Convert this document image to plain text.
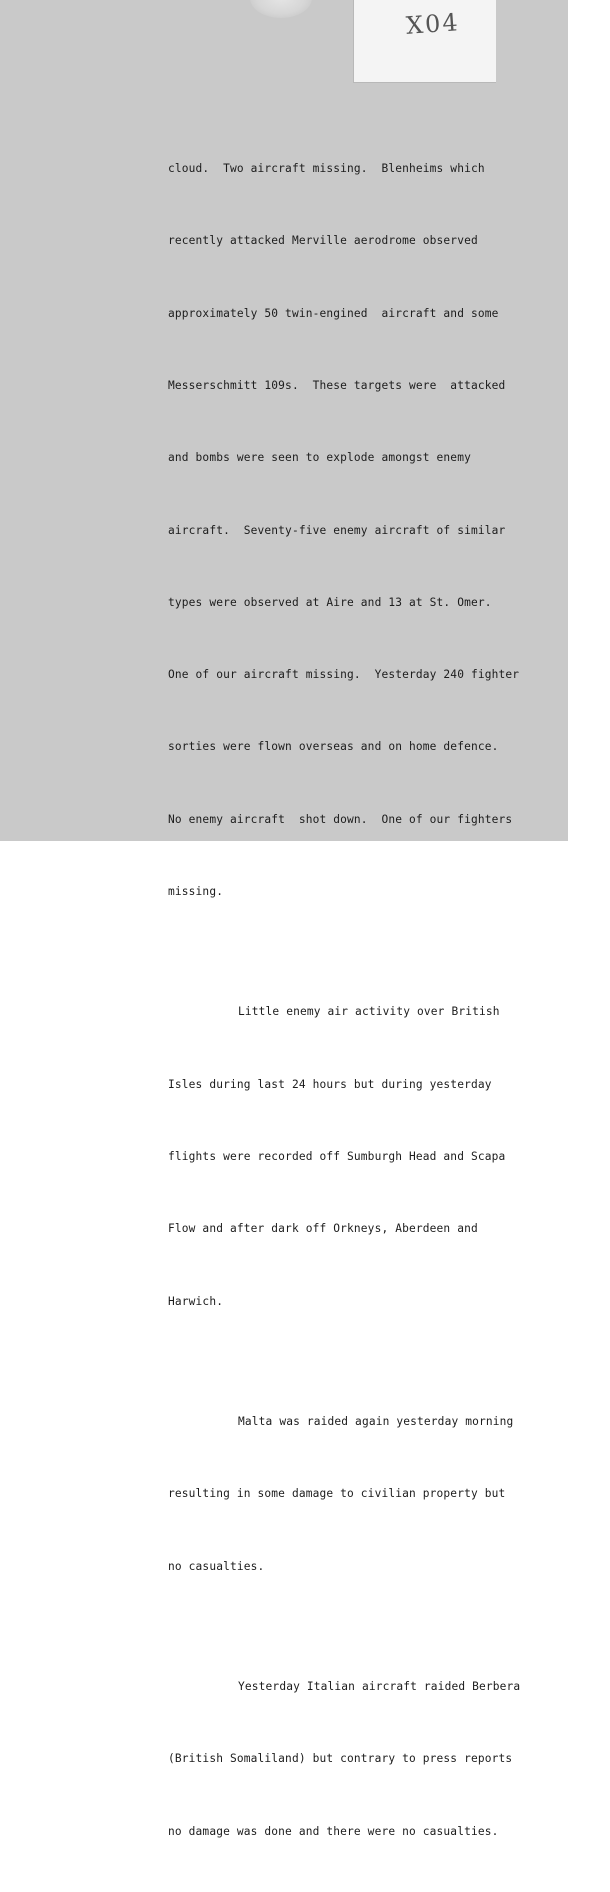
X04

cloud.  Two aircraft missing.  Blenheims which

recently attacked Merville aerodrome observed

approximately 50 twin-engined  aircraft and some

Messerschmitt 109s.  These targets were  attacked

and bombs were seen to explode amongst enemy

aircraft.  Seventy-five enemy aircraft of similar

types were observed at Aire and 13 at St. Omer.

One of our aircraft missing.  Yesterday 240 fighter

sorties were flown overseas and on home defence.

No enemy aircraft  shot down.  One of our fighters

missing.

Little enemy air activity over British

Isles during last 24 hours but during yesterday

flights were recorded off Sumburgh Head and Scapa

Flow and after dark off Orkneys, Aberdeen and

Harwich.

Malta was raided again yesterday morning

resulting in some damage to civilian property but

no casualties.

Yesterday Italian aircraft raided Berbera

(British Somaliland) but contrary to press reports

no damage was done and there were no casualties.
